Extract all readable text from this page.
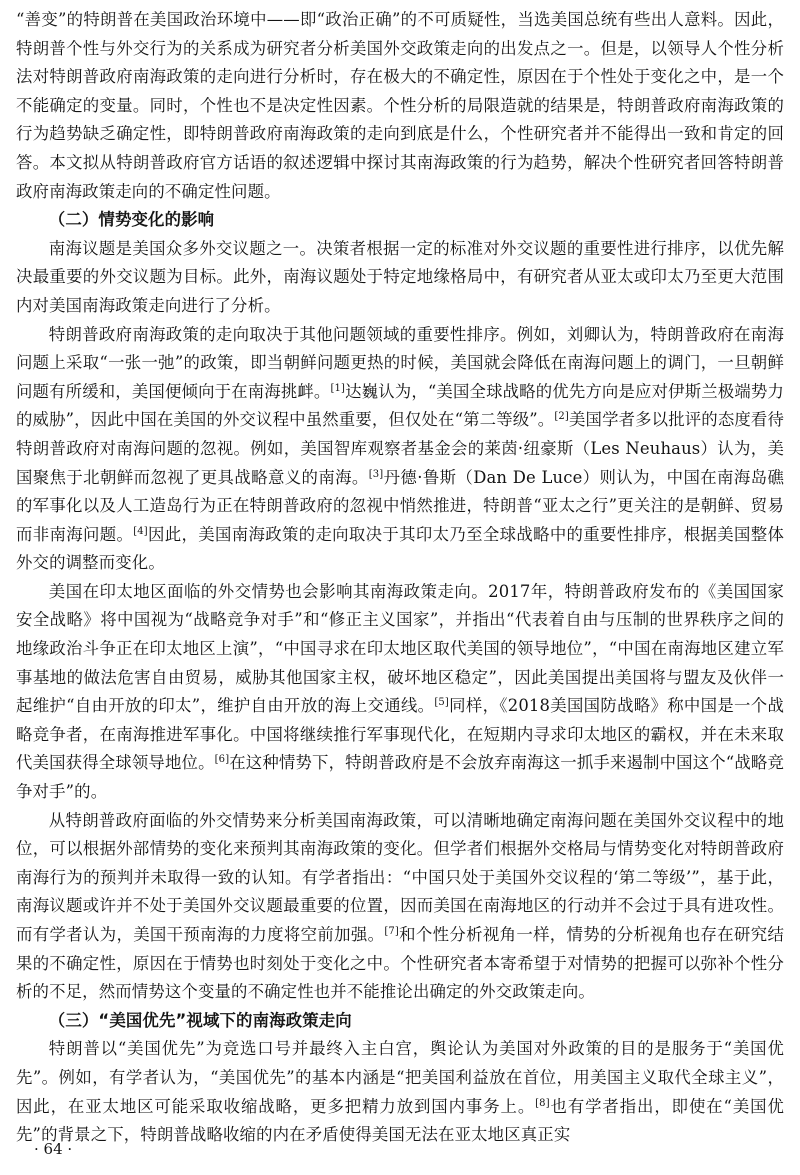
“善变”的特朗普在美国政治环境中——即“政治正确”的不可质疑性，当选美国总统有些出人意料。因此，特朗普个性与外交行为的关系成为研究者分析美国外交政策走向的出发点之一。但是，以领导人个性分析法对特朗普政府南海政策的走向进行分析时，存在极大的不确定性，原因在于个性处于变化之中，是一个不能确定的变量。同时，个性也不是决定性因素。个性分析的局限造就的结果是，特朗普政府南海政策的行为趋势缺乏确定性，即特朗普政府南海政策的走向到底是什么，个性研究者并不能得出一致和肯定的回答。本文拟从特朗普政府官方话语的叙述逻辑中探讨其南海政策的行为趋势，解决个性研究者回答特朗普政府南海政策走向的不确定性问题。

（二）情势变化的影响

南海议题是美国众多外交议题之一。决策者根据一定的标准对外交议题的重要性进行排序，以优先解决最重要的外交议题为目标。此外，南海议题处于特定地缘格局中，有研究者从亚太或印太乃至更大范围内对美国南海政策走向进行了分析。

特朗普政府南海政策的走向取决于其他问题领域的重要性排序。例如，刘卿认为，特朗普政府在南海问题上采取“一张一弛”的政策，即当朝鲜问题更热的时候，美国就会降低在南海问题上的调门，一旦朝鲜问题有所缓和，美国便倾向于在南海挑衅。[1]达巍认为，“美国全球战略的优先方向是应对伊斯兰极端势力的威胁”，因此中国在美国的外交议程中虽然重要，但仅处在“第二等级”。[2]美国学者多以批评的态度看待特朗普政府对南海问题的忽视。例如，美国智库观察者基金会的莱茵·纽豪斯（Les Neuhaus）认为，美国聚焦于北朝鲜而忽视了更具战略意义的南海。[3]丹德·鲁斯（Dan De Luce）则认为，中国在南海岛礁的军事化以及人工造岛行为正在特朗普政府的忽视中悄然推进，特朗普“亚太之行”更关注的是朝鲜、贸易而非南海问题。[4]因此，美国南海政策的走向取决于其印太乃至全球战略中的重要性排序，根据美国整体外交的调整而变化。

美国在印太地区面临的外交情势也会影响其南海政策走向。2017年，特朗普政府发布的《美国国家安全战略》将中国视为“战略竞争对手”和“修正主义国家”，并指出“代表着自由与压制的世界秩序之间的地缘政治斗争正在印太地区上演”，“中国寻求在印太地区取代美国的领导地位”，“中国在南海地区建立军事基地的做法危害自由贸易，威胁其他国家主权，破坏地区稳定”，因此美国提出美国将与盟友及伙伴一起维护“自由开放的印太”，维护自由开放的海上交通线。[5]同样，《2018美国国防战略》称中国是一个战略竞争者，在南海推进军事化。中国将继续推行军事现代化，在短期内寻求印太地区的霸权，并在未来取代美国获得全球领导地位。[6]在这种情势下，特朗普政府是不会放弃南海这一抓手来遏制中国这个“战略竞争对手”的。

从特朗普政府面临的外交情势来分析美国南海政策，可以清晰地确定南海问题在美国外交议程中的地位，可以根据外部情势的变化来预判其南海政策的变化。但学者们根据外交格局与情势变化对特朗普政府南海行为的预判并未取得一致的认知。有学者指出：“中国只处于美国外交议程的‘第二等级’”，基于此，南海议题或许并不处于美国外交议题最重要的位置，因而美国在南海地区的行动并不会过于具有进攻性。而有学者认为，美国干预南海的力度将空前加强。[7]和个性分析视角一样，情势的分析视角也存在研究结果的不确定性，原因在于情势也时刻处于变化之中。个性研究者本寄希望于对情势的把握可以弥补个性分析的不足，然而情势这个变量的不确定性也并不能推论出确定的外交政策走向。

（三）“美国优先”视域下的南海政策走向

特朗普以“美国优先”为竞选口号并最终入主白宫，舆论认为美国对外政策的目的是服务于“美国优先”。例如，有学者认为，“美国优先”的基本内涵是“把美国利益放在首位，用美国主义取代全球主义”，因此，在亚太地区可能采取收缩战略，更多把精力放到国内事务上。[8]也有学者指出，即使在“美国优先”的背景之下，特朗普战略收缩的内在矛盾使得美国无法在亚太地区真正实

· 64 ·
